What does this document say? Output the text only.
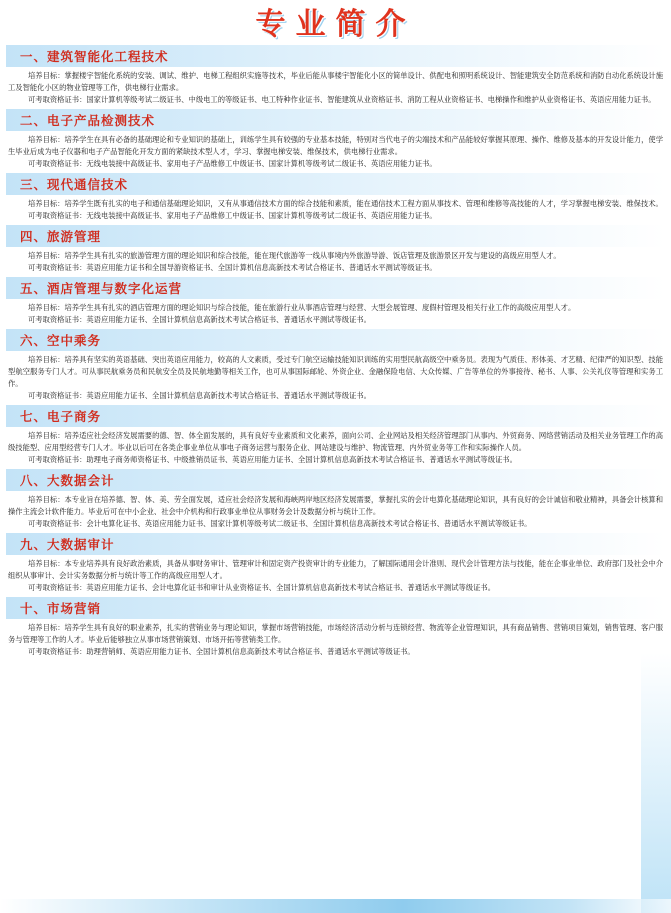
专业简介
一、建筑智能化工程技术

培养目标：掌握楼宇智能化系统的安装、调试、维护、电梯工程组织实施等技术，毕业后能从事楼宇智能化小区的简单设计、供配电和照明系统设计、智能建筑安全防范系统和消防自动化系统设计施工及智能化小区的物业管理等工作，供电梯行业需求。

可考取资格证书：国家计算机等级考试二级证书、中级电工的等级证书、电工特种作业证书、智能建筑从业资格证书、消防工程从业资格证书、电梯操作和维护从业资格证书、英语应用能力证书。

二、电子产品检测技术

培养目标：培养学生在具有必备的基础理论和专业知识的基础上，训练学生具有较强的专业基本技能，特别对当代电子的尖端技术和产品能较好掌握其原理、操作、维修及基本的开发设计能力，使学生毕业后成为电子仪器和电子产品智能化开发方面的紧缺技术型人才，学习、掌握电梯安装、维保技术，供电梯行业需求。

可考取资格证书：无线电装接中高级证书、家用电子产品维修工中级证书、国家计算机等级考试二级证书、英语应用能力证书。

三、现代通信技术

培养目标：培养学生既有扎实的电子和通信基础理论知识，又有从事通信技术方面的综合技能和素质，能在通信技术工程方面从事技术、管理和维修等高技能的人才，学习掌握电梯安装、维保技术。

可考取资格证书：无线电装接中高级证书、家用电子产品维修工中级证书、国家计算机等级考试二级证书、英语应用能力证书。

四、旅游管理

培养目标：培养学生具有扎实的旅游管理方面的理论知识和综合技能，能在现代旅游等一线从事境内外旅游导游、饭店管理及旅游景区开发与建设的高级应用型人才。

可考取资格证书：英语应用能力证书和全国导游资格证书、全国计算机信息高新技术考试合格证书、普通话水平测试等级证书。

五、酒店管理与数字化运营

培养目标：培养学生具有扎实的酒店管理方面的理论知识与综合技能，能在旅游行业从事酒店管理与经营、大型会展管理、度假村管理及相关行业工作的高级应用型人才。

可考取资格证书：英语应用能力证书、全国计算机信息高新技术考试合格证书、普通话水平测试等级证书。

六、空中乘务

培养目标：培养具有坚实的英语基础、突出英语应用能力，较高的人文素质，受过专门航空运输技能知识训练的实用型民航高级空中乘务员。表现为气质佳、形体美、才艺精、纪律严的知识型、技能型航空服务专门人才。可从事民航乘务员和民航安全员及民航地勤等相关工作，也可从事国际邮轮、外资企业、金融保险电信、大众传媒、广告等单位的外事接待、秘书、人事、公关礼仪等管理和实务工作。

可考取资格证书：英语应用能力证书、全国计算机信息高新技术考试合格证书、普通话水平测试等级证书。

七、电子商务

培养目标：培养适应社会经济发展需要的德、智、体全面发展的，具有良好专业素质和文化素养，面向公司、企业网站及相关经济管理部门从事内、外贸商务、网络营销活动及相关业务管理工作的高级技能型、应用型经营专门人才。毕业以后可在各类企事业单位从事电子商务运营与服务企业、网站建设与维护、物流管理、内外贸业务等工作和实际操作人员。

可考取资格证书：助理电子商务师资格证书、中级推销员证书、英语应用能力证书、全国计算机信息高新技术考试合格证书、普通话水平测试等级证书。

八、大数据会计

培养目标：本专业旨在培养德、智、体、美、劳全面发展，适应社会经济发展和海峡两岸地区经济发展需要，掌握扎实的会计电算化基础理论知识，具有良好的会计诚信和敬业精神，具备会计核算和操作主流会计软件能力。毕业后可在中小企业、社会中介机构和行政事业单位从事财务会计及数据分析与统计工作。

可考取资格证书：会计电算化证书、英语应用能力证书、国家计算机等级考试二级证书、全国计算机信息高新技术考试合格证书、普通话水平测试等级证书。

九、大数据审计

培养目标：本专业培养具有良好政治素质，具备从事财务审计、管理审计和固定资产投资审计的专业能力，了解国际通用会计准则、现代会计管理方法与技能，能在企事业单位、政府部门及社会中介组织从事审计、会计实务数据分析与统计等工作的高级应用型人才。

可考取资格证书：英语应用能力证书、会计电算化证书和审计从业资格证书、全国计算机信息高新技术考试合格证书、普通话水平测试等级证书。

十、市场营销

培养目标：培养学生具有良好的职业素养，扎实的营销业务与理论知识，掌握市场营销技能，市场经济活动分析与连锁经营、物流等企业管理知识，具有商品销售、营销项目策划，销售管理、客户服务与管理等工作的人才。毕业后能够独立从事市场营销策划、市场开拓等营销类工作。

可考取资格证书：助理营销师、英语应用能力证书、全国计算机信息高新技术考试合格证书、普通话水平测试等级证书。
